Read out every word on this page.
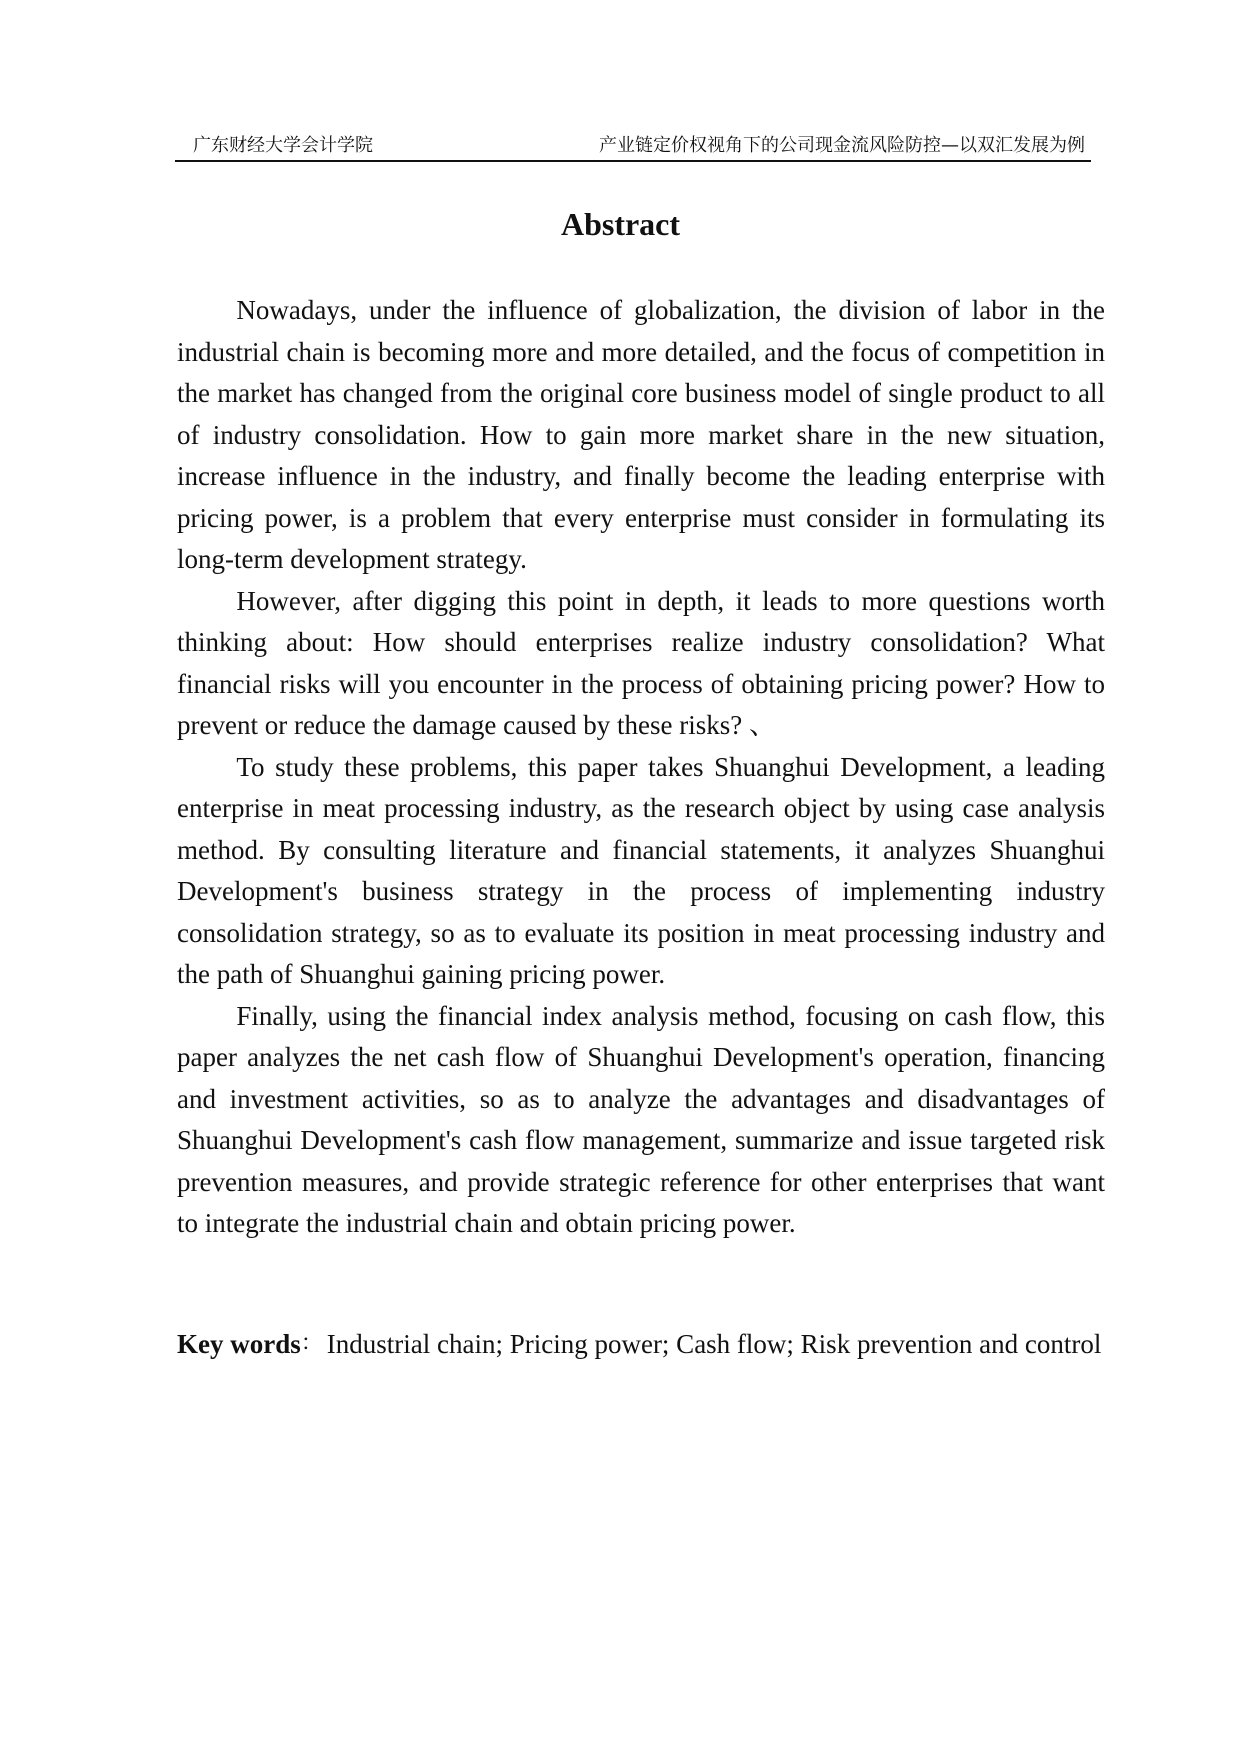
广东财经大学会计学院	产业链定价权视角下的公司现金流风险防控—以双汇发展为例
Abstract

Nowadays, under the influence of globalization, the division of labor in the industrial chain is becoming more and more detailed, and the focus of competition in the market has changed from the original core business model of single product to all of industry consolidation. How to gain more market share in the new situation, increase influence in the industry, and finally become the leading enterprise with pricing power, is a problem that every enterprise must consider in formulating its long-term development strategy.

However, after digging this point in depth, it leads to more questions worth thinking about: How should enterprises realize industry consolidation? What financial risks will you encounter in the process of obtaining pricing power? How to prevent or reduce the damage caused by these risks? 、

To study these problems, this paper takes Shuanghui Development, a leading enterprise in meat processing industry, as the research object by using case analysis method. By consulting literature and financial statements, it analyzes Shuanghui Development's business strategy in the process of implementing industry consolidation strategy, so as to evaluate its position in meat processing industry and the path of Shuanghui gaining pricing power.

Finally, using the financial index analysis method, focusing on cash flow, this paper analyzes the net cash flow of Shuanghui Development's operation, financing and investment activities, so as to analyze the advantages and disadvantages of Shuanghui Development's cash flow management, summarize and issue targeted risk prevention measures, and provide strategic reference for other enterprises that want to integrate the industrial chain and obtain pricing power.

Key words ： Industrial chain; Pricing power; Cash flow; Risk prevention and control
